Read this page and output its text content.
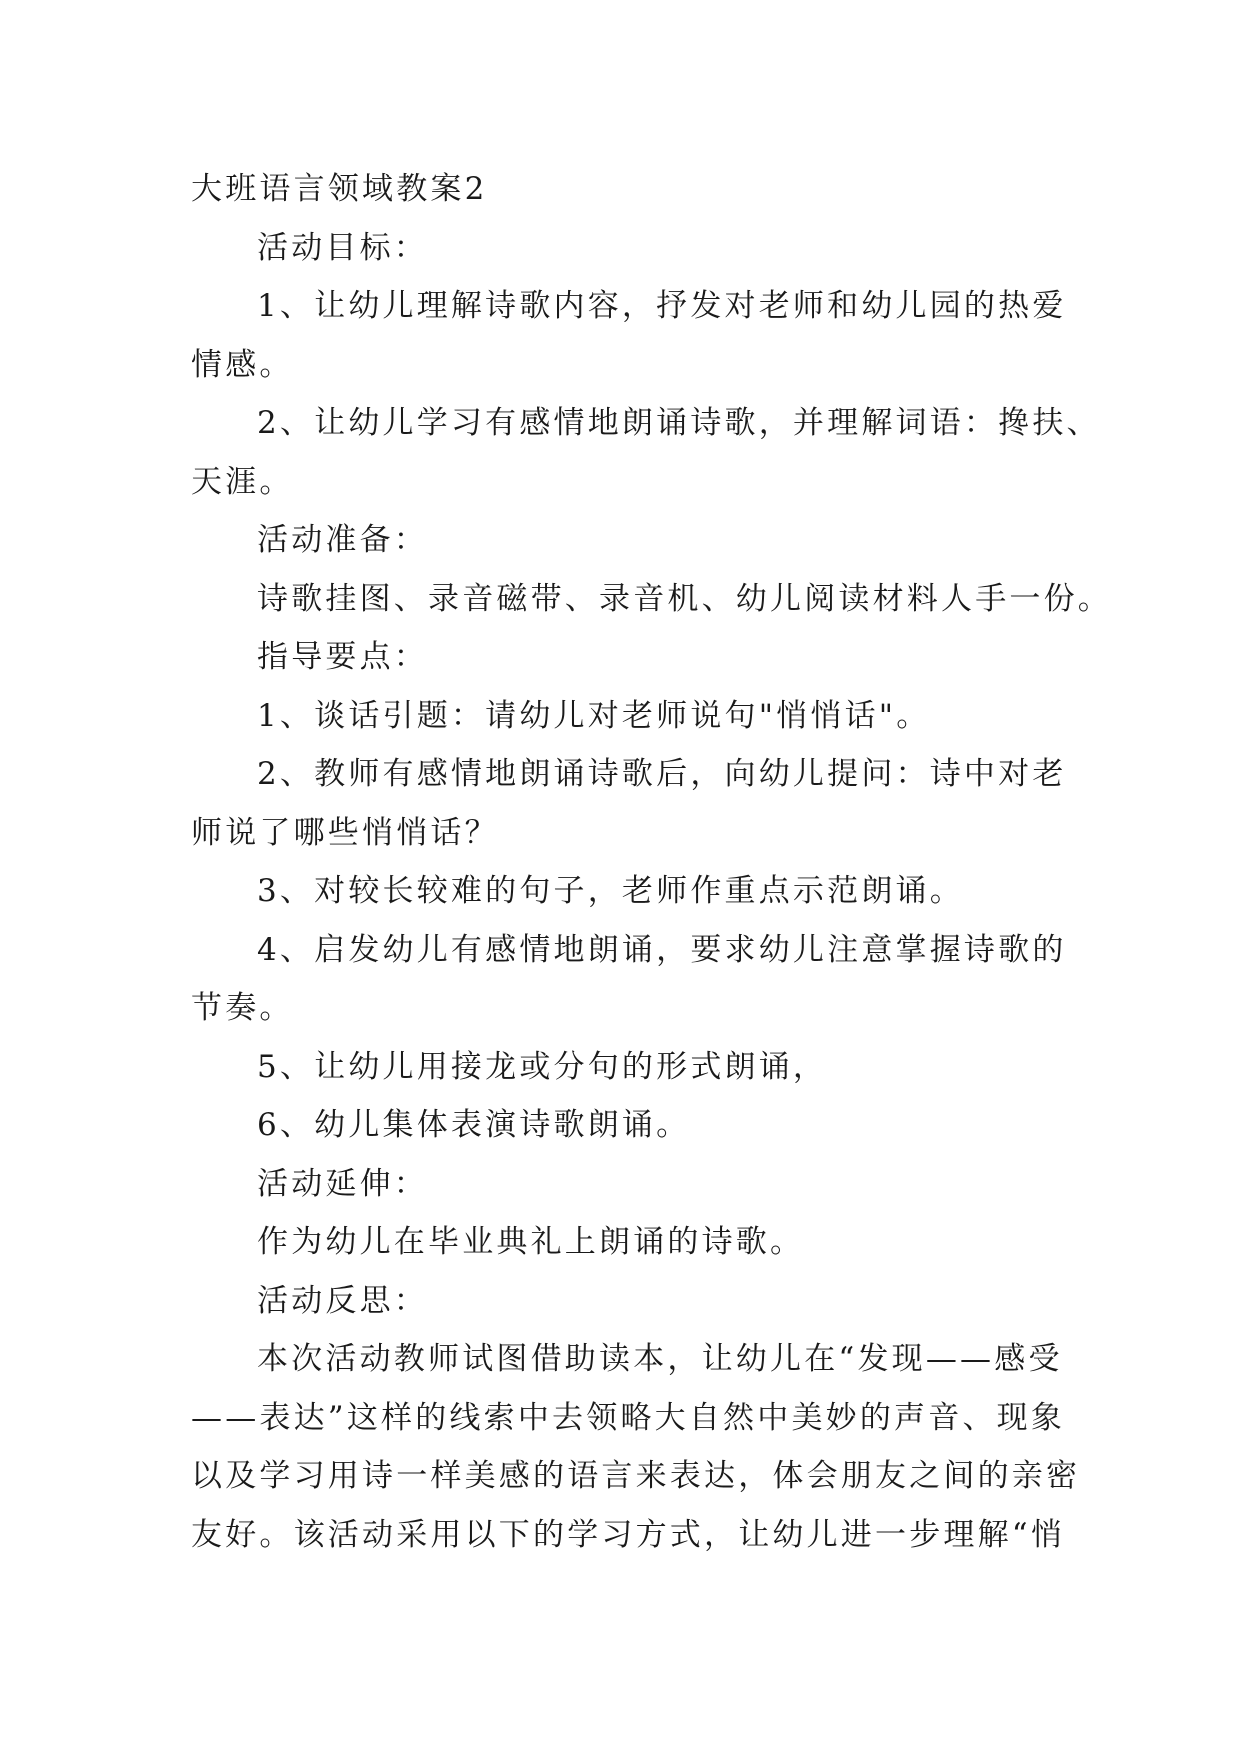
大班语言领域教案2
活动目标：
1、让幼儿理解诗歌内容，抒发对老师和幼儿园的热爱
情感。
2、让幼儿学习有感情地朗诵诗歌，并理解词语：搀扶、
天涯。
活动准备：
诗歌挂图、录音磁带、录音机、幼儿阅读材料人手一份。
指导要点：
1、谈话引题：请幼儿对老师说句"悄悄话"。
2、教师有感情地朗诵诗歌后，向幼儿提问：诗中对老
师说了哪些悄悄话？
3、对较长较难的句子，老师作重点示范朗诵。
4、启发幼儿有感情地朗诵，要求幼儿注意掌握诗歌的
节奏。
5、让幼儿用接龙或分句的形式朗诵，
6、幼儿集体表演诗歌朗诵。
活动延伸：
作为幼儿在毕业典礼上朗诵的诗歌。
活动反思：
本次活动教师试图借助读本，让幼儿在“发现——感受
——表达”这样的线索中去领略大自然中美妙的声音、现象
以及学习用诗一样美感的语言来表达，体会朋友之间的亲密
友好。该活动采用以下的学习方式，让幼儿进一步理解“悄
